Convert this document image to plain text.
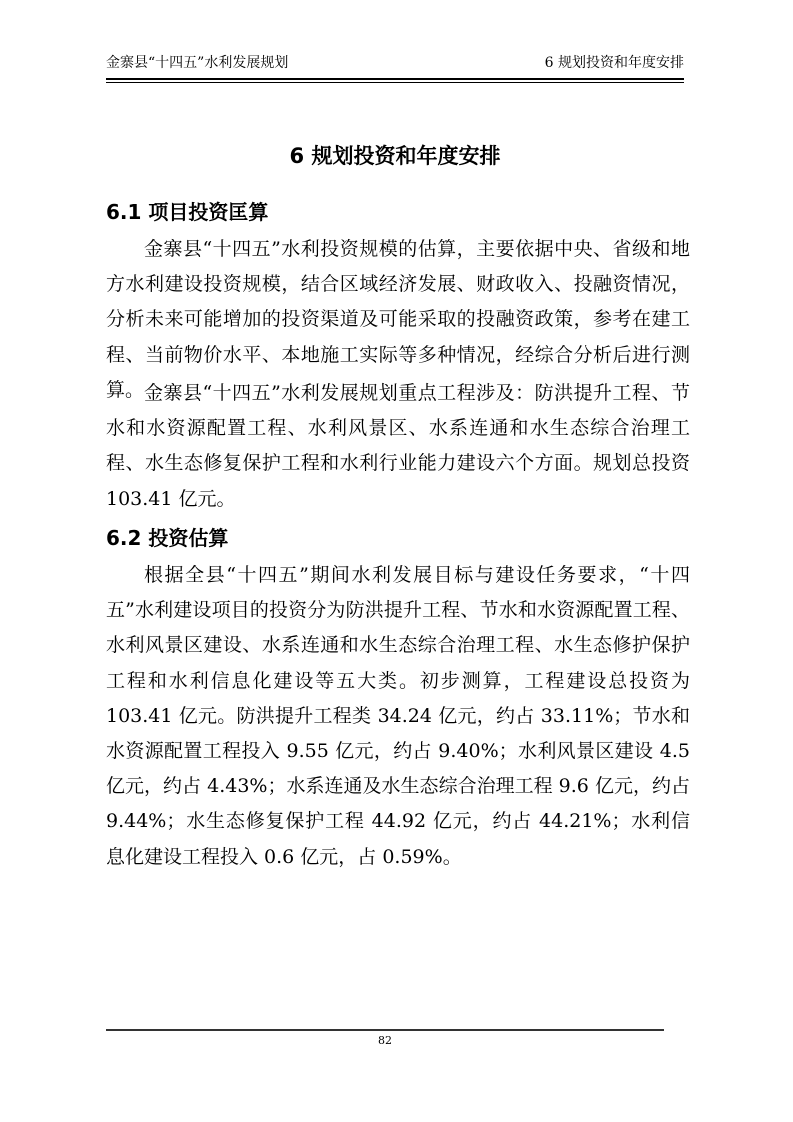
金寨县“十四五”水利发展规划	6 规划投资和年度安排
6 规划投资和年度安排
6.1 项目投资匡算

金寨县“十四五”水利投资规模的估算，主要依据中央、省级和地方水利建设投资规模，结合区域经济发展、财政收入、投融资情况，分析未来可能增加的投资渠道及可能采取的投融资政策，参考在建工程、当前物价水平、本地施工实际等多种情况，经综合分析后进行测算。 金寨县“十四五”水利发展规划重点工程涉及：防洪提升工程、节水和水资源配置工程、水利风景区、水系连通和水生态综合治理工程、水生态修复保护工程和水利行业能力建设六个方面。规划总投资 103.41 亿元。

6.2 投资估算

根据全县“十四五”期间水利发展目标与建设任务要求，“十四五”水利建设项目的投资分为防洪提升工程、节水和水资源配置工程、水利风景区建设、水系连通和水生态综合治理工程、水生态修护保护工程和水利信息化建设等五大类。初步测算，工程建设总投资为 103.41 亿元。防洪提升工程类 34.24 亿元，约占 33.11%；节水和水资源配置工程投入 9.55 亿元，约占 9.40%；水利风景区建设 4.5 亿元，约占 4.43%；水系连通及水生态综合治理工程 9.6 亿元，约占 9.44%；水生态修复保护工程 44.92 亿元，约占 44.21%；水利信息化建设工程投入 0.6 亿元，占 0.59%。

82
